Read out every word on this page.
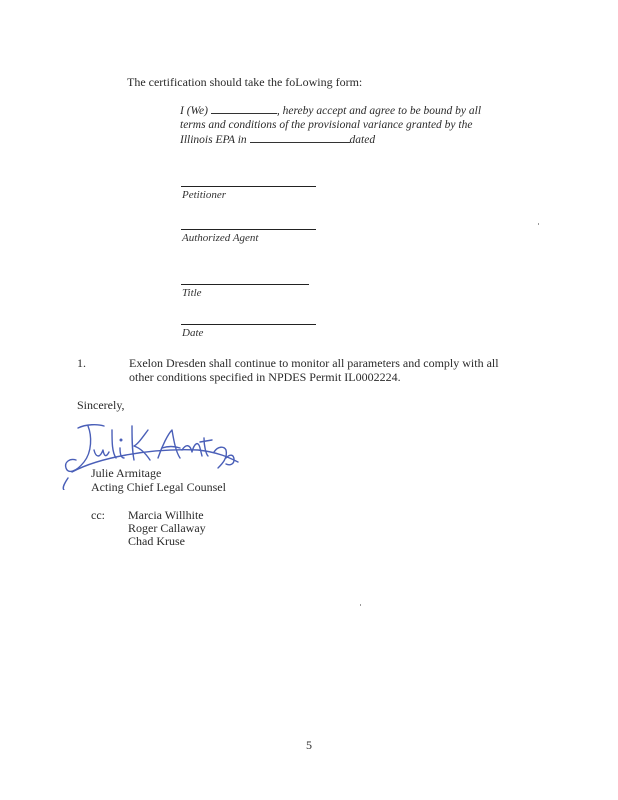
The certification should take the foLowing form:
I (We)	, hereby accept and agree to be bound by all
terms and conditions of the provisional variance granted by the
Illinois EPA in	dated
Petitioner
Authorized Agent
Title
Date
1.	Exelon Dresden shall continue to monitor all parameters and comply with all
other conditions specified in NPDES Permit IL0002224.
Sincerely,
Julie Armitage
Acting Chief Legal Counsel
cc: Marcia Willhite
Roger Callaway
Chad Kruse
5
